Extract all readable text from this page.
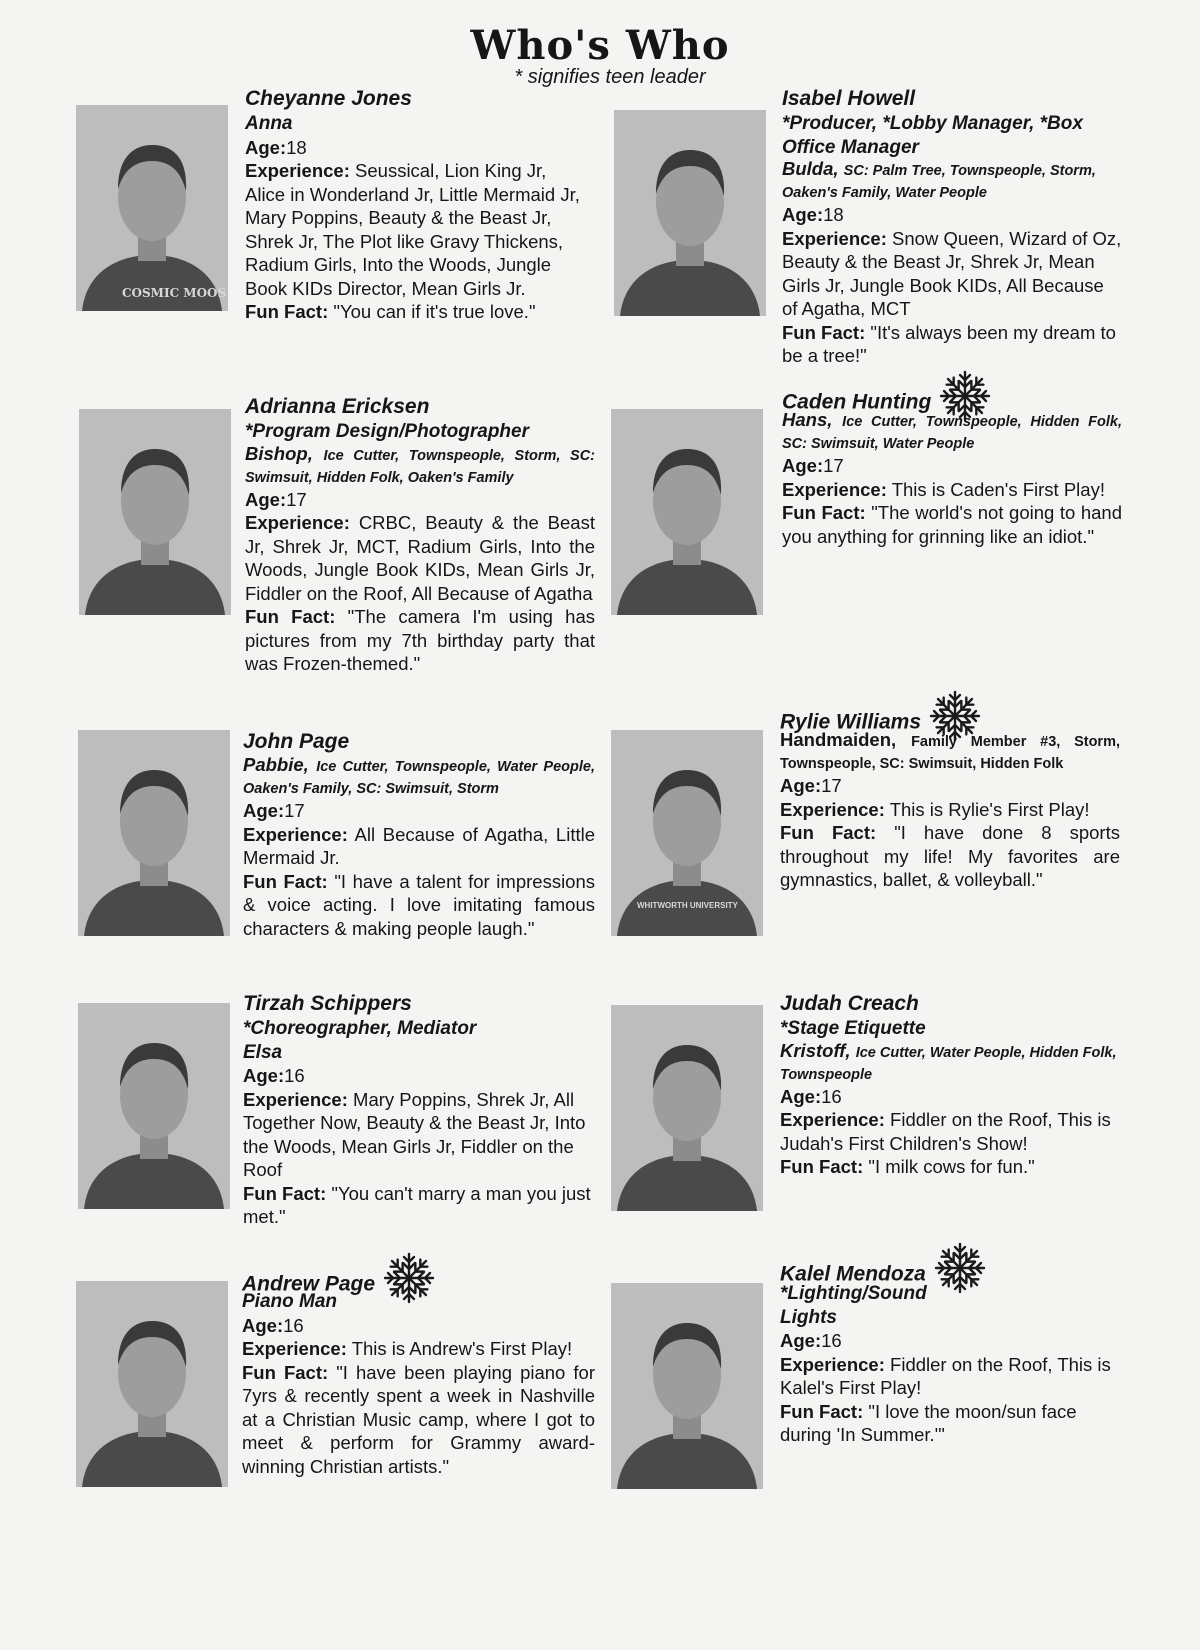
Who's Who
* signifies teen leader
COSMIC MOOS
Cheyanne Jones
Anna
Age:18
Experience: Seussical, Lion King Jr, Alice in Wonderland Jr, Little Mermaid Jr, Mary Poppins, Beauty & the Beast Jr, Shrek Jr, The Plot like Gravy Thickens, Radium Girls, Into the Woods, Jungle Book KIDs Director, Mean Girls Jr.
Fun Fact: "You can if it's true love."
Adrianna Ericksen
*Program Design/Photographer
Bishop, Ice Cutter, Townspeople, Storm, SC: Swimsuit, Hidden Folk, Oaken's Family
Age:17
Experience: CRBC, Beauty & the Beast Jr, Shrek Jr, MCT, Radium Girls, Into the Woods, Jungle Book KIDs, Mean Girls Jr, Fiddler on the Roof, All Because of Agatha
Fun Fact: "The camera I'm using has pictures from my 7th birthday party that was Frozen-themed."
John Page
Pabbie, Ice Cutter, Townspeople, Water People, Oaken's Family, SC: Swimsuit, Storm
Age:17
Experience: All Because of Agatha, Little Mermaid Jr.
Fun Fact: "I have a talent for impressions & voice acting. I love imitating famous characters & making people laugh."
Tirzah Schippers
*Choreographer, Mediator
Elsa
Age:16
Experience: Mary Poppins, Shrek Jr, All Together Now, Beauty & the Beast Jr, Into the Woods, Mean Girls Jr, Fiddler on the Roof
Fun Fact: "You can't marry a man you just met."
Andrew Page
Piano Man
Age:16
Experience: This is Andrew's First Play!
Fun Fact: "I have been playing piano for 7yrs & recently spent a week in Nashville at a Christian Music camp, where I got to meet & perform for Grammy award-winning Christian artists."
Isabel Howell
*Producer, *Lobby Manager, *Box Office Manager
Bulda, SC: Palm Tree, Townspeople, Storm, Oaken's Family, Water People
Age:18
Experience: Snow Queen, Wizard of Oz, Beauty & the Beast Jr, Shrek Jr, Mean Girls Jr, Jungle Book KIDs, All Because of Agatha, MCT
Fun Fact: "It's always been my dream to be a tree!"
Caden Hunting
Hans, Ice Cutter, Townspeople, Hidden Folk, SC: Swimsuit, Water People
Age:17
Experience: This is Caden's First Play!
Fun Fact: "The world's not going to hand you anything for grinning like an idiot."
WHITWORTH UNIVERSITY
Rylie Williams
Handmaiden, Family Member #3, Storm, Townspeople, SC: Swimsuit, Hidden Folk
Age:17
Experience: This is Rylie's First Play!
Fun Fact: "I have done 8 sports throughout my life! My favorites are gymnastics, ballet, & volleyball."
Judah Creach
*Stage Etiquette
Kristoff, Ice Cutter, Water People, Hidden Folk, Townspeople
Age:16
Experience: Fiddler on the Roof, This is Judah's First Children's Show!
Fun Fact: "I milk cows for fun."
Kalel Mendoza
*Lighting/Sound
Lights
Age:16
Experience: Fiddler on the Roof, This is Kalel's First Play!
Fun Fact: "I love the moon/sun face during 'In Summer.'"
